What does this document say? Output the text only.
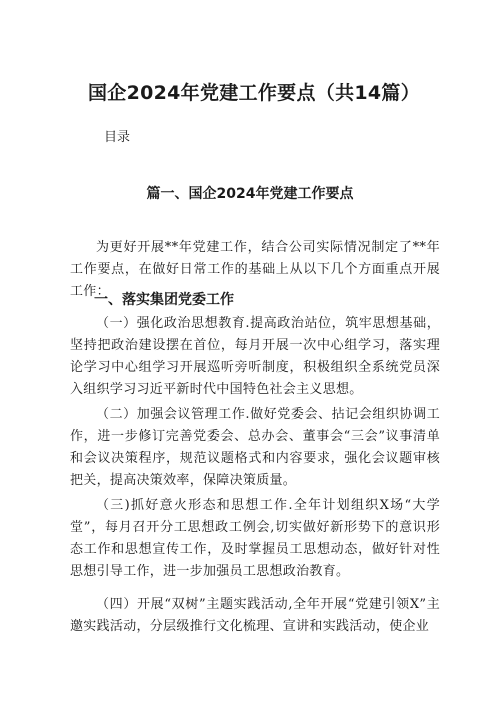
国企2024年党建工作要点（共14篇）
目录
篇一、国企2024年党建工作要点
为更好开展**年党建工作，结合公司实际情况制定了**年工作要点，在做好日常工作的基础上从以下几个方面重点开展工作：
一、落实集团党委工作
（一）强化政治思想教育.提高政治站位，筑牢思想基础，坚持把政治建设摆在首位，每月开展一次中心组学习，落实理论学习中心组学习开展巡听旁听制度，积极组织全系统党员深入组织学习习近平新时代中国特色社会主义思想。
（二）加强会议管理工作.做好党委会、拈记会组织协调工作，进一步修订完善党委会、总办会、董事会“三会”议事清单和会议决策程序，规范议题格式和内容要求，强化会议题审核把关，提高决策效率，保障决策质量。
（三)抓好意火形态和思想工作.全年计划组织X场“大学堂”，每月召开分工思想政工例会,切实做好新形势下的意识形态工作和思想宣传工作，及时掌握员工思想动态，做好针对性思想引导工作，进一步加强员工思想政治教育。
（四）开展“双树”主题实践活动,全年开展“党建引领X”主邀实践活动，分层级推行文化梳理、宣讲和实践活动，使企业
